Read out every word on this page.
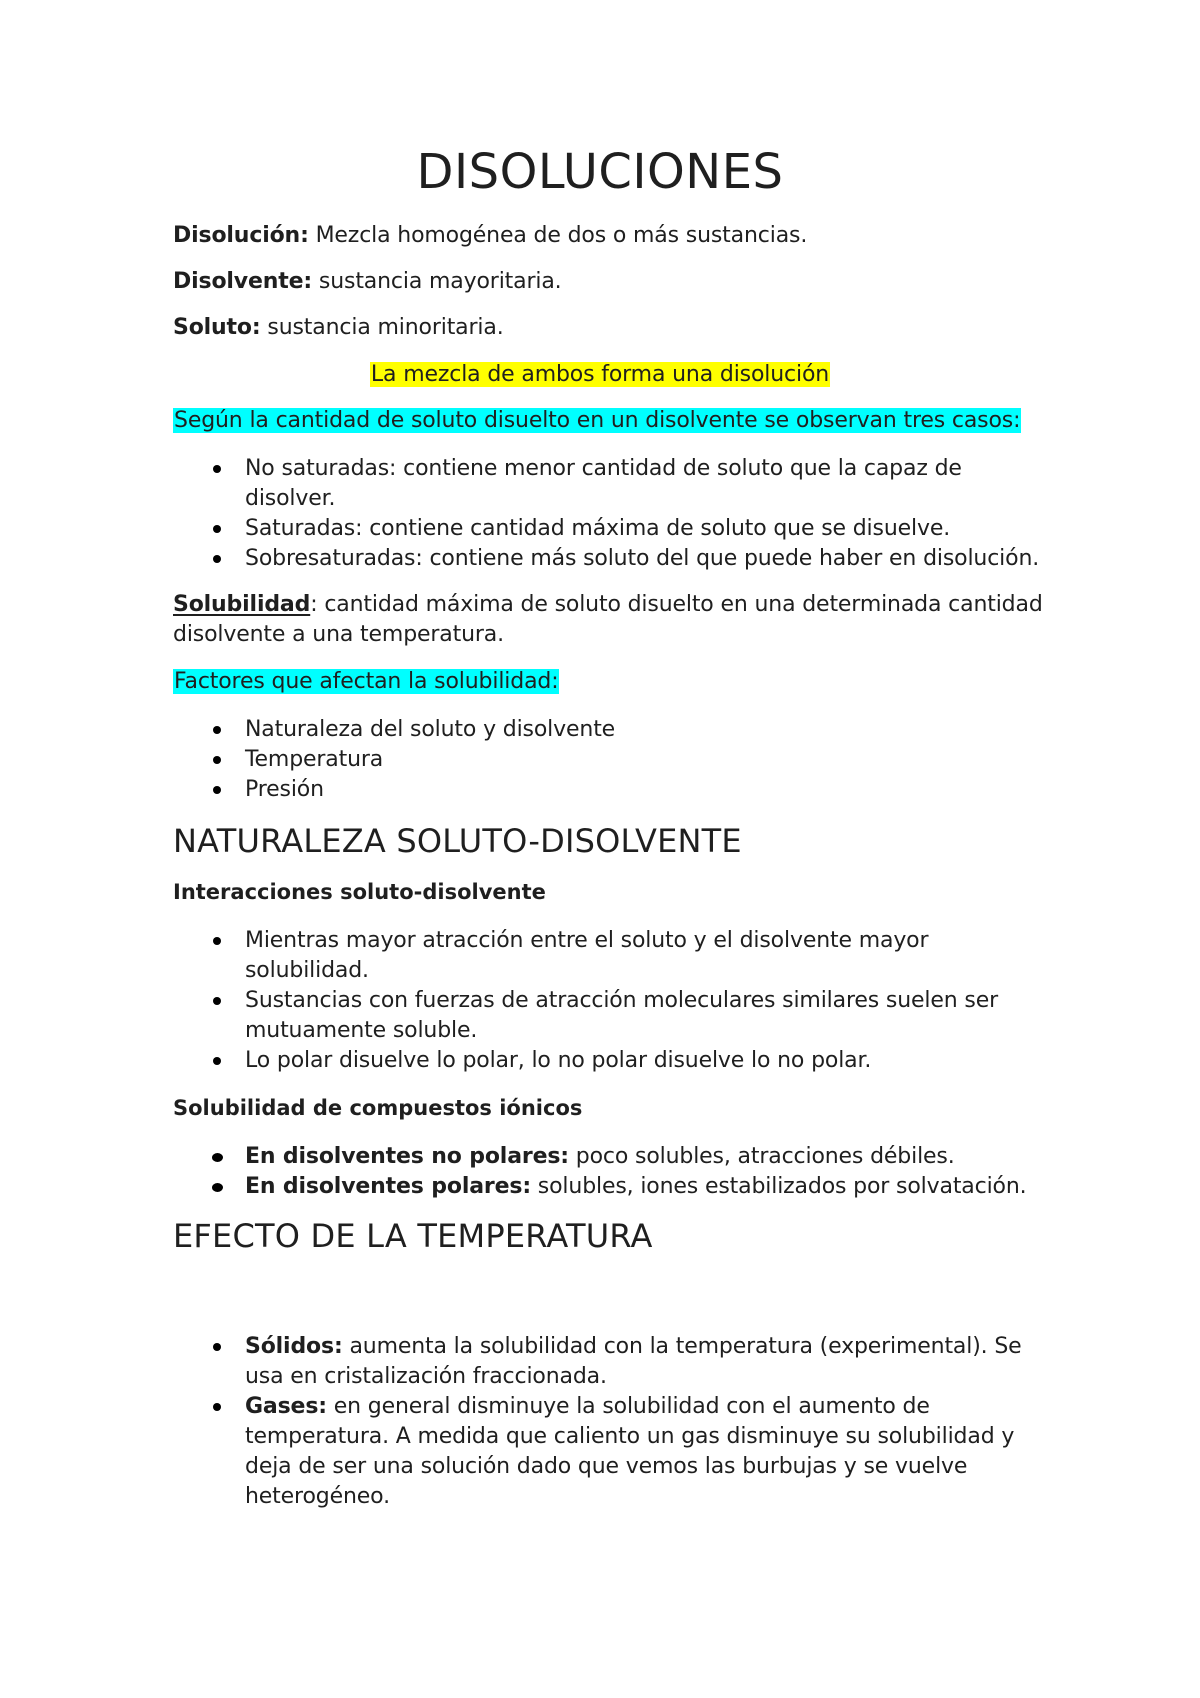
DISOLUCIONES
Disolución: Mezcla homogénea de dos o más sustancias.
Disolvente: sustancia mayoritaria.
Soluto: sustancia minoritaria.
La mezcla de ambos forma una disolución
Según la cantidad de soluto disuelto en un disolvente se observan tres casos:
No saturadas: contiene menor cantidad de soluto que la capaz de
disolver.
Saturadas: contiene cantidad máxima de soluto que se disuelve.
Sobresaturadas: contiene más soluto del que puede haber en disolución.
Solubilidad: cantidad máxima de soluto disuelto en una determinada cantidad
disolvente a una temperatura.
Factores que afectan la solubilidad:
Naturaleza del soluto y disolvente
Temperatura
Presión
NATURALEZA SOLUTO-DISOLVENTE
Interacciones soluto-disolvente
Mientras mayor atracción entre el soluto y el disolvente mayor
solubilidad.
Sustancias con fuerzas de atracción moleculares similares suelen ser
mutuamente soluble.
Lo polar disuelve lo polar, lo no polar disuelve lo no polar.
Solubilidad de compuestos iónicos
En disolventes no polares: poco solubles, atracciones débiles.
En disolventes polares: solubles, iones estabilizados por solvatación.
EFECTO DE LA TEMPERATURA
Sólidos: aumenta la solubilidad con la temperatura (experimental). Se
usa en cristalización fraccionada.
Gases: en general disminuye la solubilidad con el aumento de
temperatura. A medida que caliento un gas disminuye su solubilidad y
deja de ser una solución dado que vemos las burbujas y se vuelve
heterogéneo.
